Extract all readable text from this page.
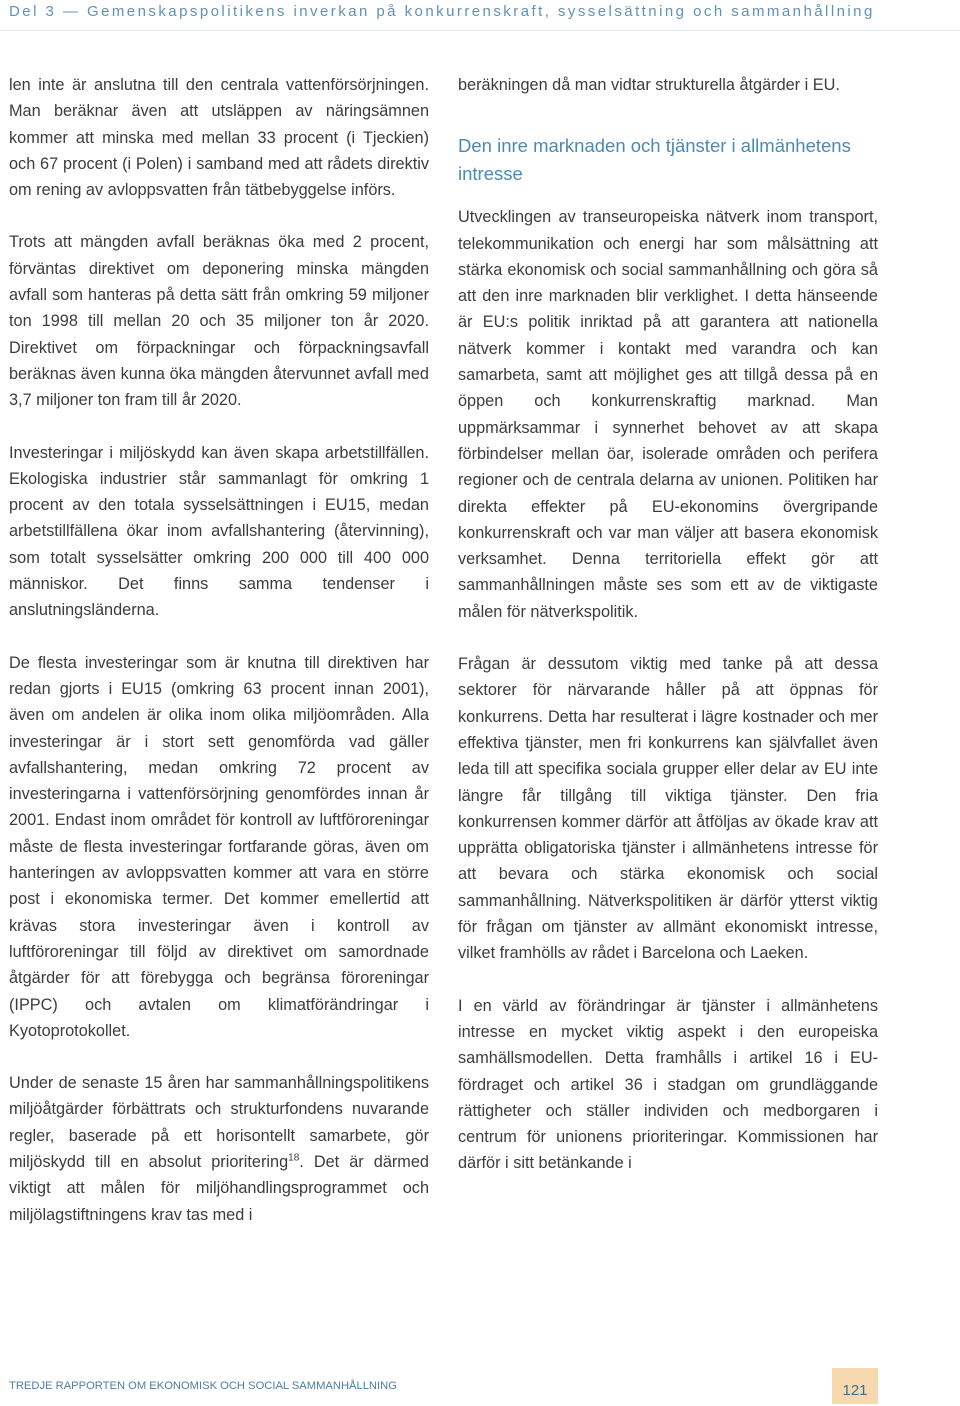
Del 3 — Gemenskapspolitikens inverkan på konkurrenskraft, sysselsättning och sammanhållning

len inte är anslutna till den centrala vattenförsörjningen. Man beräknar även att utsläppen av näringsämnen kommer att minska med mellan 33 procent (i Tjeckien) och 67 procent (i Polen) i samband med att rådets direktiv om rening av avloppsvatten från tätbebyggelse införs.

Trots att mängden avfall beräknas öka med 2 procent, förväntas direktivet om deponering minska mängden avfall som hanteras på detta sätt från omkring 59 miljoner ton 1998 till mellan 20 och 35 miljoner ton år 2020. Direktivet om förpackningar och förpackningsavfall beräknas även kunna öka mängden återvunnet avfall med 3,7 miljoner ton fram till år 2020.

Investeringar i miljöskydd kan även skapa arbetstillfällen. Ekologiska industrier står sammanlagt för omkring 1 procent av den totala sysselsättningen i EU15, medan arbetstillfällena ökar inom avfallshantering (återvinning), som totalt sysselsätter omkring 200 000 till 400 000 människor. Det finns samma tendenser i anslutningsländerna.

De flesta investeringar som är knutna till direktiven har redan gjorts i EU15 (omkring 63 procent innan 2001), även om andelen är olika inom olika miljöområden. Alla investeringar är i stort sett genomförda vad gäller avfallshantering, medan omkring 72 procent av investeringarna i vattenförsörjning genomfördes innan år 2001. Endast inom området för kontroll av luftföroreningar måste de flesta investeringar fortfarande göras, även om hanteringen av avloppsvatten kommer att vara en större post i ekonomiska termer. Det kommer emellertid att krävas stora investeringar även i kontroll av luftföroreningar till följd av direktivet om samordnade åtgärder för att förebygga och begränsa föroreningar (IPPC) och avtalen om klimatförändringar i Kyotoprotokollet.

Under de senaste 15 åren har sammanhållningspolitikens miljöåtgärder förbättrats och strukturfondens nuvarande regler, baserade på ett horisontellt samarbete, gör miljöskydd till en absolut prioritering$^{18}$. Det är därmed viktigt att målen för miljöhandlingsprogrammet och miljölagstiftningens krav tas med i

beräkningen då man vidtar strukturella åtgärder i EU.

Den inre marknaden och tjänster i allmänhetens intresse

Utvecklingen av transeuropeiska nätverk inom transport, telekommunikation och energi har som målsättning att stärka ekonomisk och social sammanhållning och göra så att den inre marknaden blir verklighet. I detta hänseende är EU:s politik inriktad på att garantera att nationella nätverk kommer i kontakt med varandra och kan samarbeta, samt att möjlighet ges att tillgå dessa på en öppen och konkurrenskraftig marknad. Man uppmärksammar i synnerhet behovet av att skapa förbindelser mellan öar, isolerade områden och perifera regioner och de centrala delarna av unionen. Politiken har direkta effekter på EU-ekonomins övergripande konkurrenskraft och var man väljer att basera ekonomisk verksamhet. Denna territoriella effekt gör att sammanhållningen måste ses som ett av de viktigaste målen för nätverkspolitik.

Frågan är dessutom viktig med tanke på att dessa sektorer för närvarande håller på att öppnas för konkurrens. Detta har resulterat i lägre kostnader och mer effektiva tjänster, men fri konkurrens kan självfallet även leda till att specifika sociala grupper eller delar av EU inte längre får tillgång till viktiga tjänster. Den fria konkurrensen kommer därför att åtföljas av ökade krav att upprätta obligatoriska tjänster i allmänhetens intresse för att bevara och stärka ekonomisk och social sammanhållning. Nätverkspolitiken är därför ytterst viktig för frågan om tjänster av allmänt ekonomiskt intresse, vilket framhölls av rådet i Barcelona och Laeken.

I en värld av förändringar är tjänster i allmänhetens intresse en mycket viktig aspekt i den europeiska samhällsmodellen. Detta framhålls i artikel 16 i EU-fördraget och artikel 36 i stadgan om grundläggande rättigheter och ställer individen och medborgaren i centrum för unionens prioriteringar. Kommissionen har därför i sitt betänkande i

TREDJE RAPPORTEN OM EKONOMISK OCH SOCIAL SAMMANHÅLLNING	121
